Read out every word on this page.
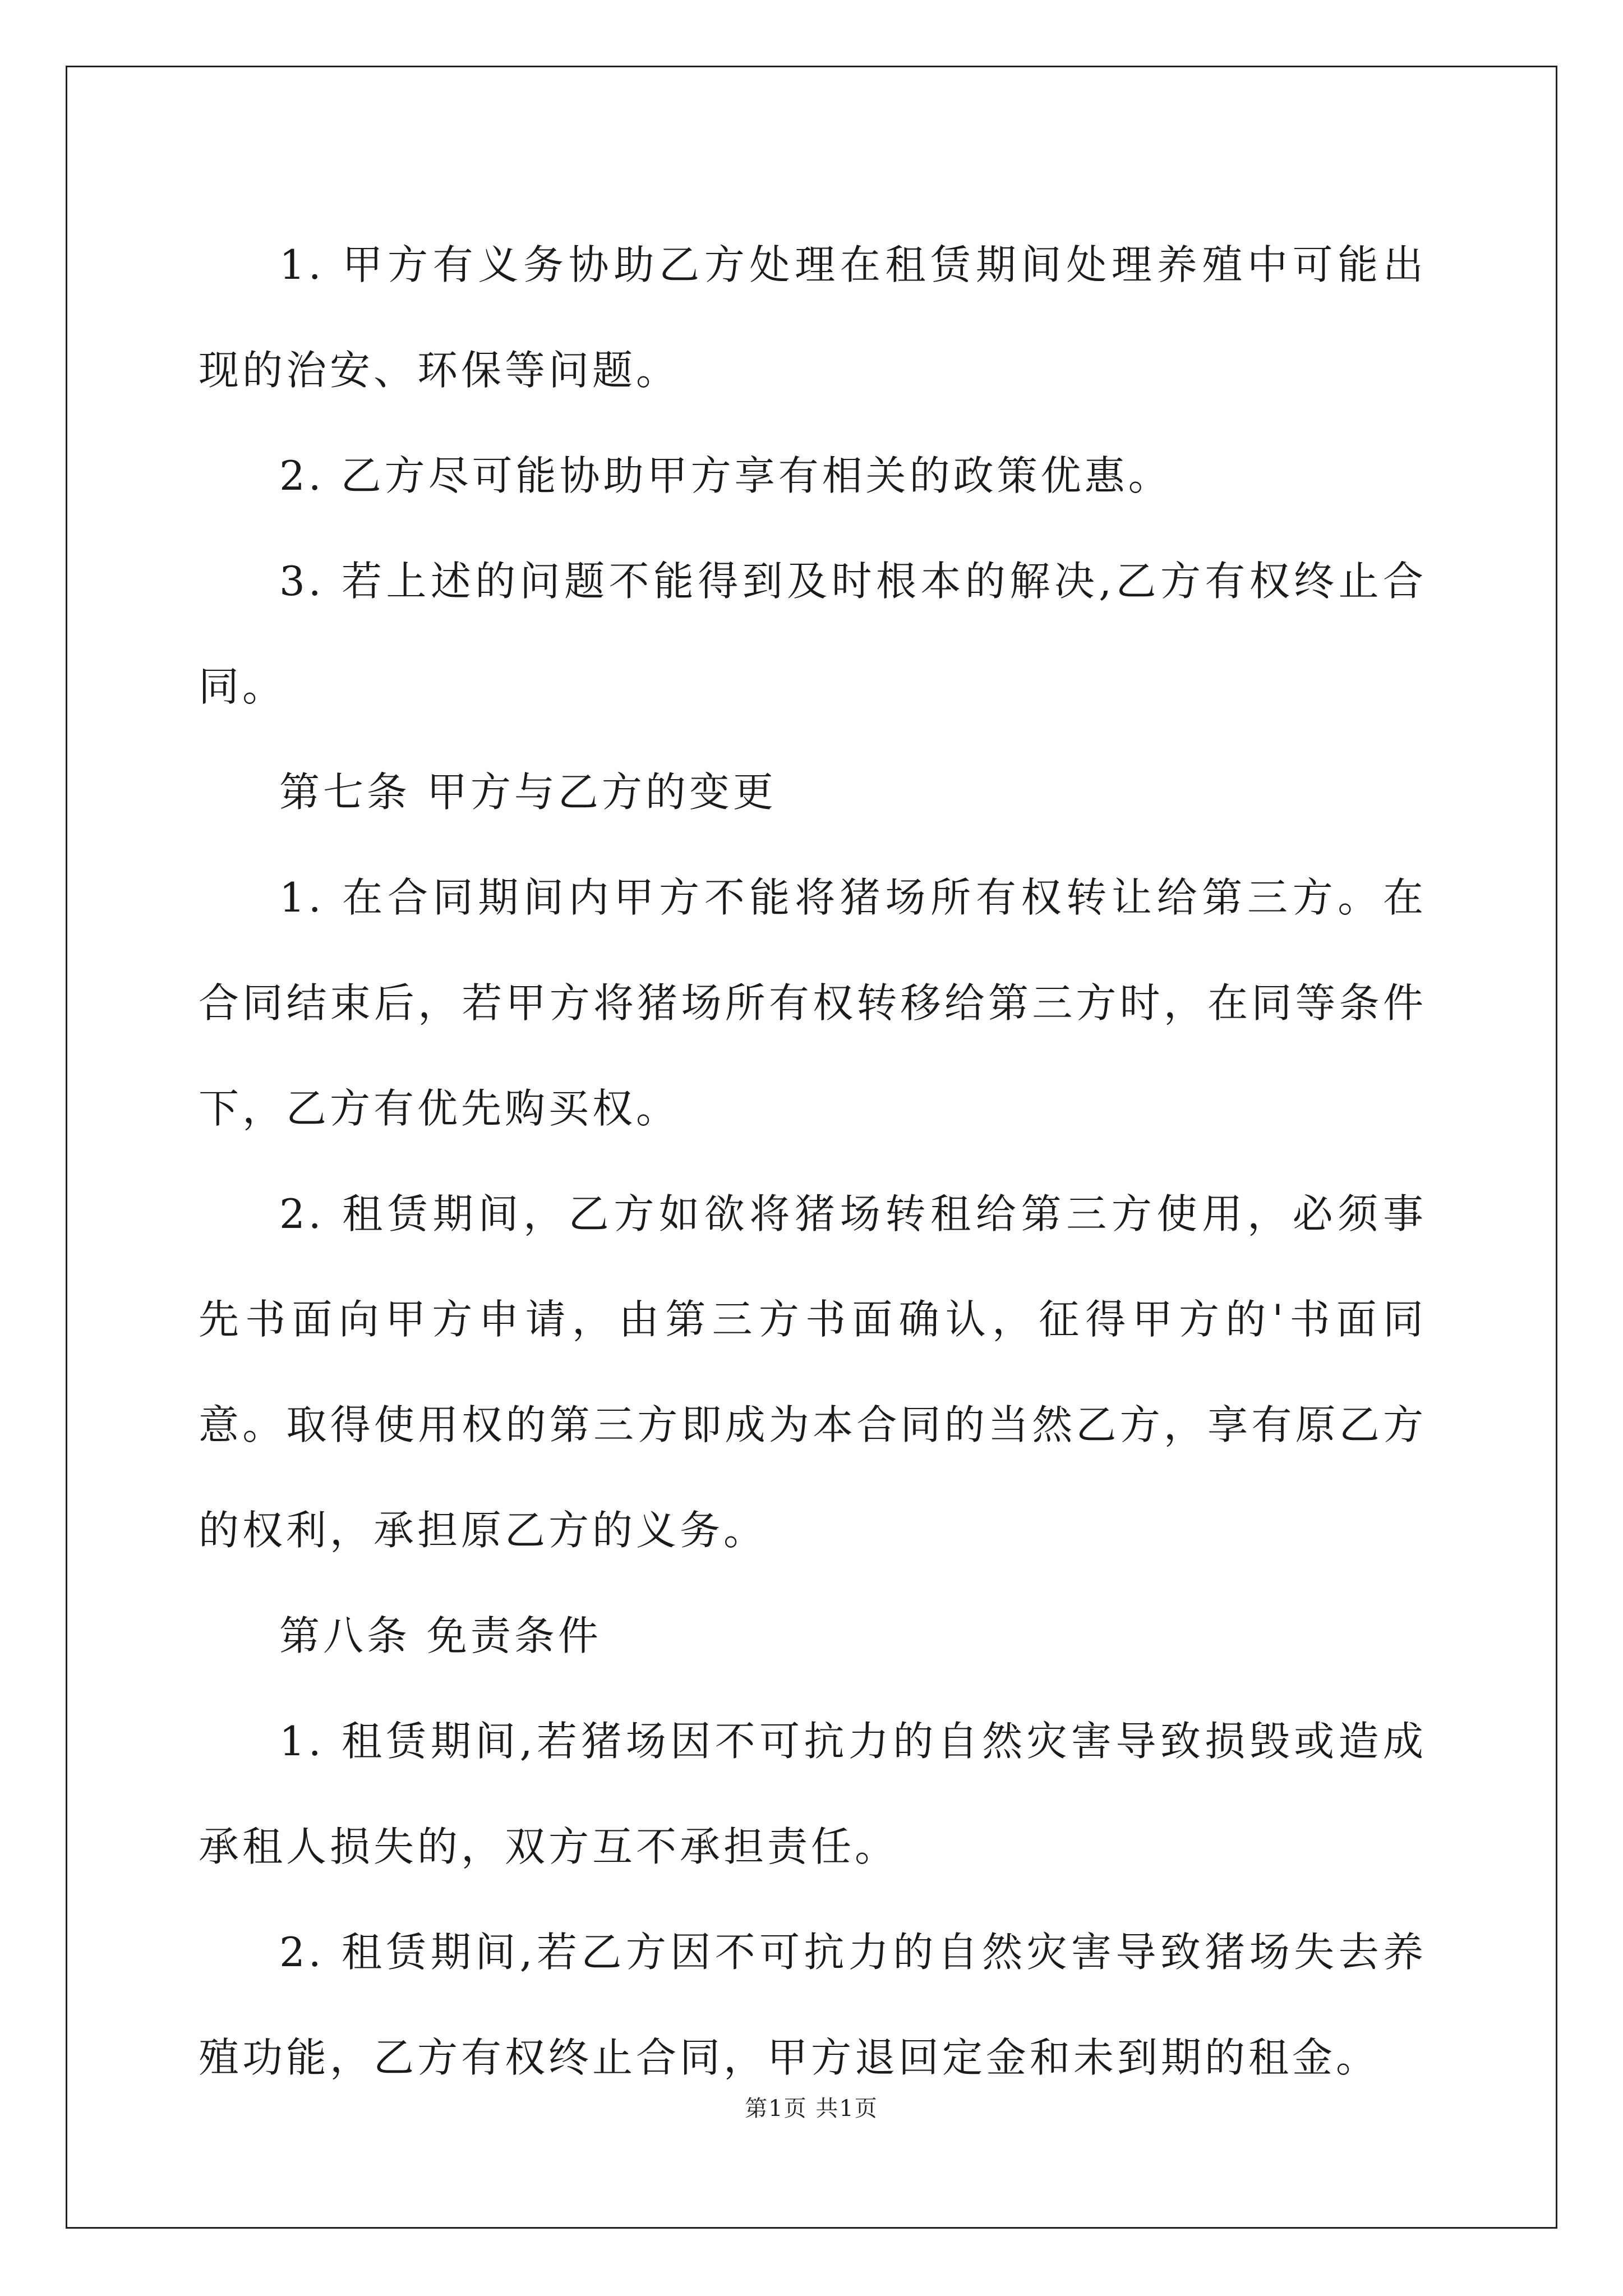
1. 甲方有义务协助乙方处理在租赁期间处理养殖中可能出现的治安、环保等问题。

2. 乙方尽可能协助甲方享有相关的政策优惠。

3. 若上述的问题不能得到及时根本的解决,乙方有权终止合同。

第七条 甲方与乙方的变更

1. 在合同期间内甲方不能将猪场所有权转让给第三方。在合同结束后，若甲方将猪场所有权转移给第三方时，在同等条件下，乙方有优先购买权。

2. 租赁期间，乙方如欲将猪场转租给第三方使用，必须事先书面向甲方申请，由第三方书面确认，征得甲方的'书面同意。取得使用权的第三方即成为本合同的当然乙方，享有原乙方的权利，承担原乙方的义务。

第八条 免责条件

1. 租赁期间,若猪场因不可抗力的自然灾害导致损毁或造成承租人损失的，双方互不承担责任。

2. 租赁期间,若乙方因不可抗力的自然灾害导致猪场失去养殖功能，乙方有权终止合同，甲方退回定金和未到期的租金。

第1页 共1页
